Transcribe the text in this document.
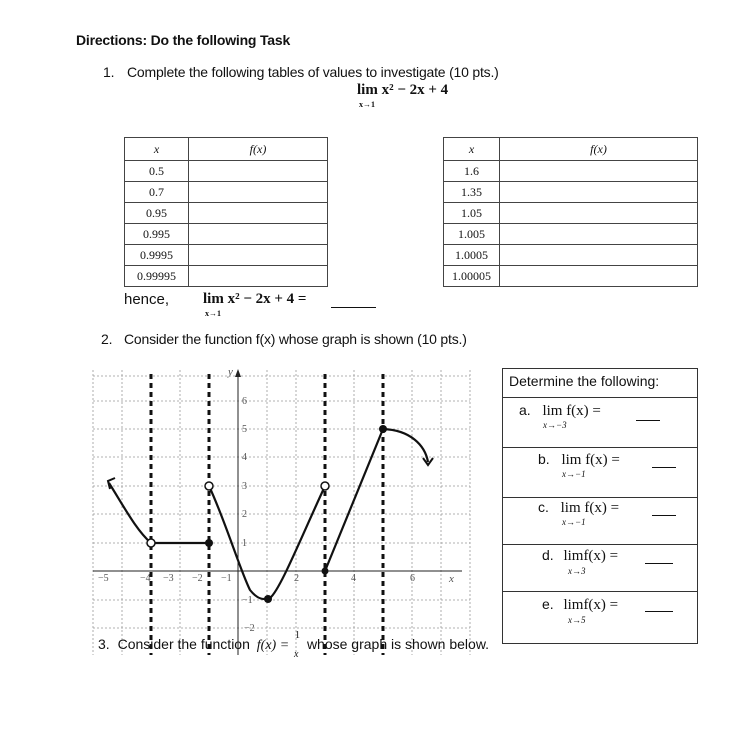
Directions: Do the following Task
1. Complete the following tables of values to investigate (10 pts.)
lim x² − 2x + 4
x→1
x	f(x)
0.5	
0.7	
0.95	
0.995	
0.9995	
0.99995	
x	f(x)
1.6	
1.35	
1.05	
1.005	
1.0005	
1.00005	
hence, lim x² − 2x + 4 =
x→1
2. Consider the function f(x) whose graph is shown (10 pts.)
y
x
−5	−4 −3 −2 −1	2	4	6
6
5
4
3
2
1
−1
−2
Determine the following:
a. lim f(x) =
x→−3
b. lim f(x) =
x→−1
c. lim f(x) =
x→−1
d. limf(x) =
x→3
e. limf(x) =
x→5
3. Consider the function f(x) =
1
x
whose graph is shown below.
